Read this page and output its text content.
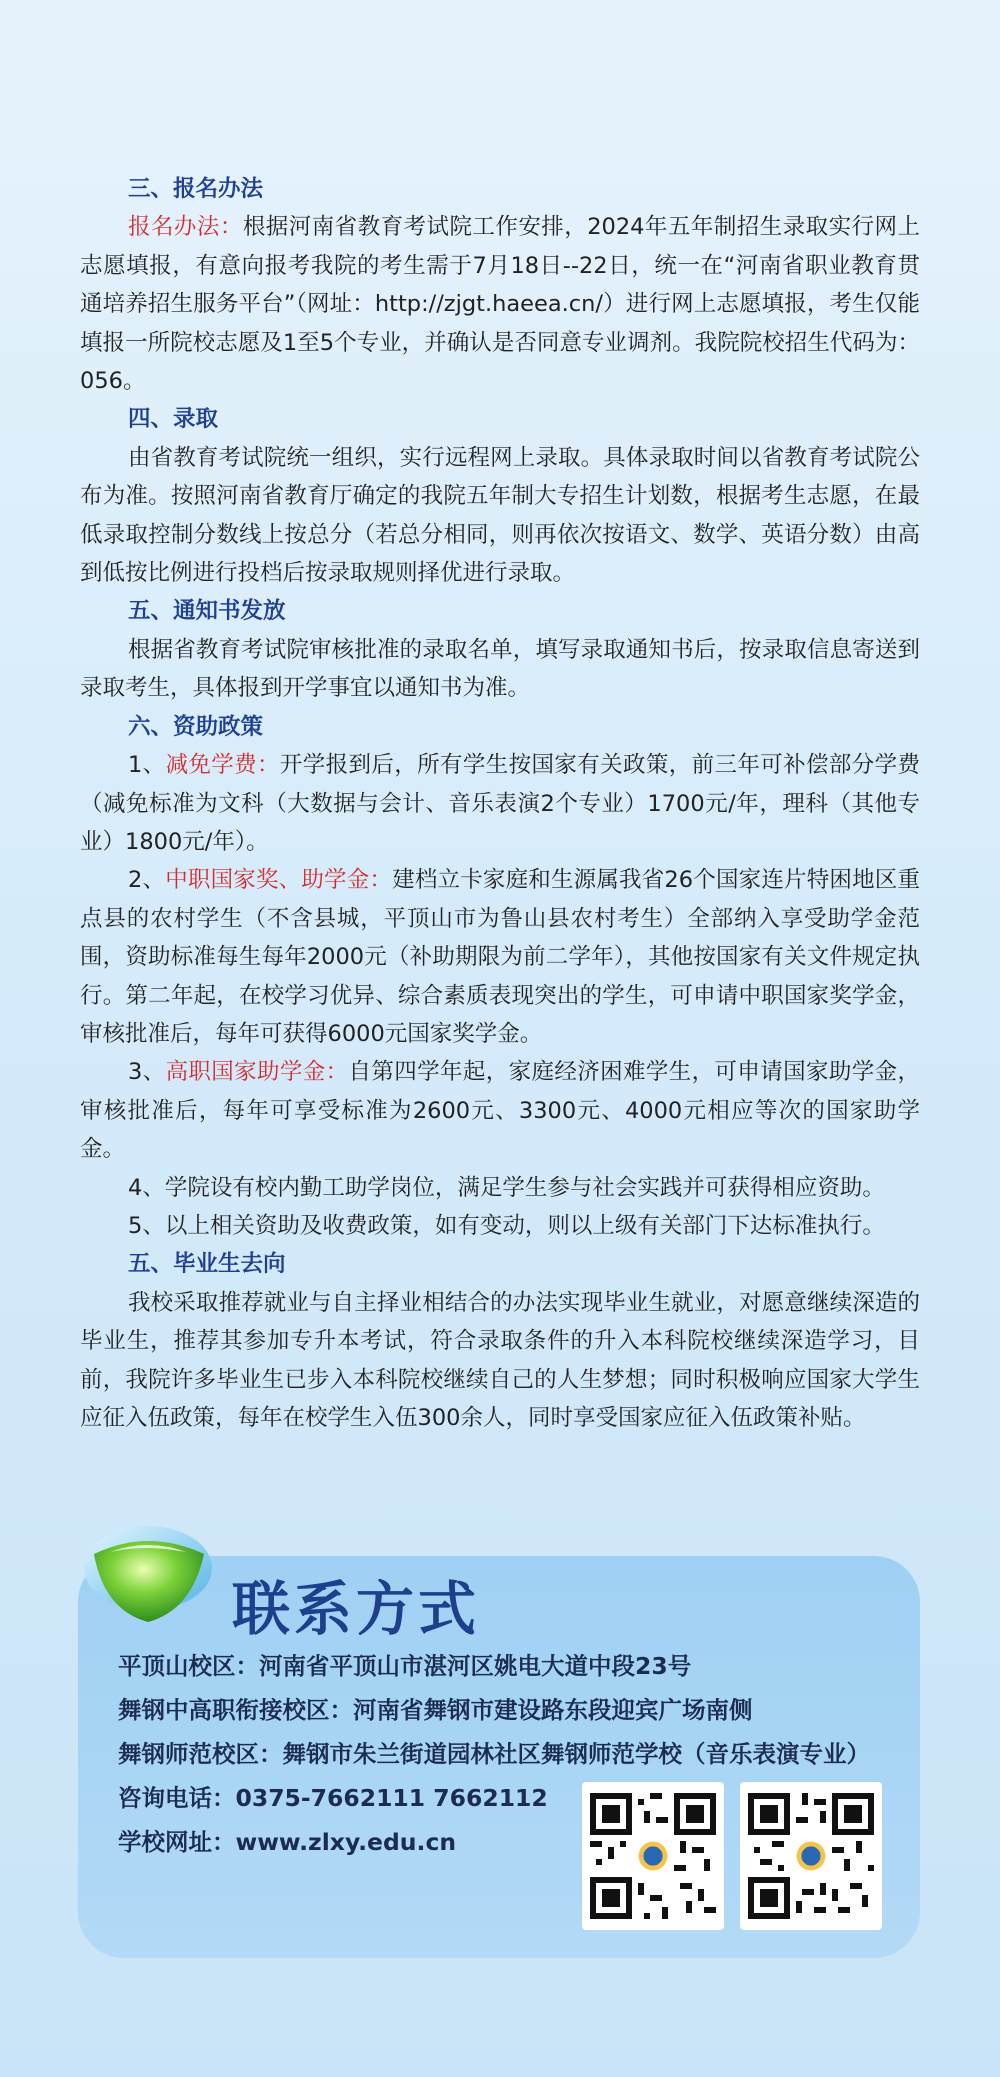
三、报名办法
报名办法：根据河南省教育考试院工作安排，2024年五年制招生录取实行网上志愿填报，有意向报考我院的考生需于7月18日--22日，统一在“河南省职业教育贯通培养招生服务平台”（网址：http://zjgt.haeea.cn/）进行网上志愿填报，考生仅能填报一所院校志愿及1至5个专业，并确认是否同意专业调剂。我院院校招生代码为：056。
四、录取
由省教育考试院统一组织，实行远程网上录取。具体录取时间以省教育考试院公布为准。按照河南省教育厅确定的我院五年制大专招生计划数，根据考生志愿，在最低录取控制分数线上按总分（若总分相同，则再依次按语文、数学、英语分数）由高到低按比例进行投档后按录取规则择优进行录取。
五、通知书发放
根据省教育考试院审核批准的录取名单，填写录取通知书后，按录取信息寄送到录取考生，具体报到开学事宜以通知书为准。
六、资助政策
1、减免学费：开学报到后，所有学生按国家有关政策，前三年可补偿部分学费（减免标准为文科（大数据与会计、音乐表演2个专业）1700元/年，理科（其他专业）1800元/年）。
2、中职国家奖、助学金：建档立卡家庭和生源属我省26个国家连片特困地区重点县的农村学生（不含县城，平顶山市为鲁山县农村考生）全部纳入享受助学金范围，资助标准每生每年2000元（补助期限为前二学年），其他按国家有关文件规定执行。第二年起，在校学习优异、综合素质表现突出的学生，可申请中职国家奖学金，审核批准后，每年可获得6000元国家奖学金。
3、高职国家助学金：自第四学年起，家庭经济困难学生，可申请国家助学金，审核批准后，每年可享受标准为2600元、3300元、4000元相应等次的国家助学金。
4、学院设有校内勤工助学岗位，满足学生参与社会实践并可获得相应资助。
5、以上相关资助及收费政策，如有变动，则以上级有关部门下达标准执行。
五、毕业生去向
我校采取推荐就业与自主择业相结合的办法实现毕业生就业，对愿意继续深造的毕业生，推荐其参加专升本考试，符合录取条件的升入本科院校继续深造学习，目前，我院许多毕业生已步入本科院校继续自己的人生梦想；同时积极响应国家大学生应征入伍政策，每年在校学生入伍300余人，同时享受国家应征入伍政策补贴。
联系方式
平顶山校区：河南省平顶山市湛河区姚电大道中段23号
舞钢中高职衔接校区：河南省舞钢市建设路东段迎宾广场南侧
舞钢师范校区：舞钢市朱兰街道园林社区舞钢师范学校（音乐表演专业）
咨询电话：0375-7662111 7662112
学校网址：www.zlxy.edu.cn
